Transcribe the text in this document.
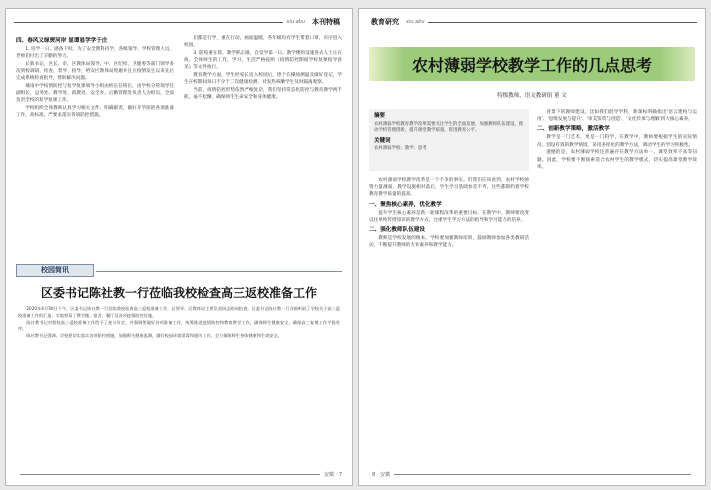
xiu abu 本刊特稿
四、春风又绿贾河岸 显谭显学学于庄

1. 培学一日、感备下时。为了安全教科持学，各级领导、学校管理人员，老师们付出了辛勤的努力。

长新书记、区长、市、区教体局领导，中、区纪检、卫健委等部门领导多次到校调研、检查、督导、指导，给安区教体局致谢并且在疫情发生以来先后完成系统检查指导，帮助解决问题。

城南中学疫情防控与复学复课领导小组由校长任组长，由学校分管领导任副组长，总务处、教导处、政教处、安全办、后勤管理处负责人为组员，全面负责全校的复学复课工作。

学校组织全体教师认真学习相关文件，明确职责，做好开学前的各项准备工作，高标准、严要求落实各项防控措施。

们都是行学，重在行动。画面温暖，各年级均有学生带着口罩，有序进入校园。

3. 防疫重在抓、教学抓正做、自觉学第一日。教学楼的设施各式人士正在执、全体师生的工作，学习，生活严格按照《疫情防控期间学校复课指导意见》等文件执行。

教育教学方面，学生经家长送入校园后，逐个在操场测温及做好登记，学生在校期间每日不少于三次健康检测，对发热咳嗽学生及时隔离观察。

当前，疫情防控形势依然严峻复杂，我们坚持常态化防控与教育教学两手抓，毫不松懈，确保师生生命安全和身体健康。

校园简讯
区委书记陈社教一行莅临我校检查高三返校准备工作

2020年4月30日下午，区委书记陈社教一行莅临我校检查高三返校准备工作，区领导、区教体局主要负责同志陪同检查。区委书记陈社教一行详细听取了学校关于高三返校准备工作的汇报，实地察看了教学楼、宿舍、餐厅及各项疫情防控设施。

陈社教书记对我校高三返校准备工作给予了充分肯定，并强调要做好各项准备工作，统筹推进疫情防控和教育教学工作，确保师生健康安全，确保高三复课工作平稳有序。

陈社教书记强调，学校要切实落实各项防控措施，加强师生健康监测，做好校园环境消毒和通风工作，全力保障师生身体健康和生命安全。

安徽 · 7
教育研究 xiu abu
农村薄弱学校教学工作的几点思考
特级教师、语文教研组 董 文
摘要
农村薄弱学校教育教学改革需要关注学生的全面发展，加强教师队伍建设，推动学校管理创新，提升课堂教学质量，促进教育公平。
关键词
农村薄弱学校；教学；思考

农村薄弱学校教学改革是一个不争的事实。但我们应该看到，农村学校师资力量薄弱，教学设施相对落后，学生学习基础参差不齐，这些都制约着学校教育教学质量的提高。

一、聚焦核心素养，优化教学

提升学生核心素养是新一轮课程改革的重要目标。在教学中，教师要改变以往单纯传授知识的教学方式，注重学生学习方法的指导和学习能力的培养。

二、强化教师队伍建设

教师是学校发展的根本。学校要加强教师培训，鼓励教师参加各类教研活动，不断提升教师的专业素养和教学能力。

背景下的教师建设，比如我们倡导学科，新课标明确指出'语言建构与运用'、'思维发展与提升'、'审美鉴赏与创造'、'文化传承与理解'四大核心素养。

二、创新教学策略，激活教学

教学是一门艺术，更是一门科学。在教学中，教师要根据学生的实际情况，创设有效的教学情境，采用多样化的教学方法，调动学生的学习积极性。

遗憾的是，农村薄弱学校还普遍存在教学方法单一、课堂效率不高等问题。因此，学校要不断探索适合农村学生的教学模式，切实提高课堂教学效率。

· 8 · 安徽
